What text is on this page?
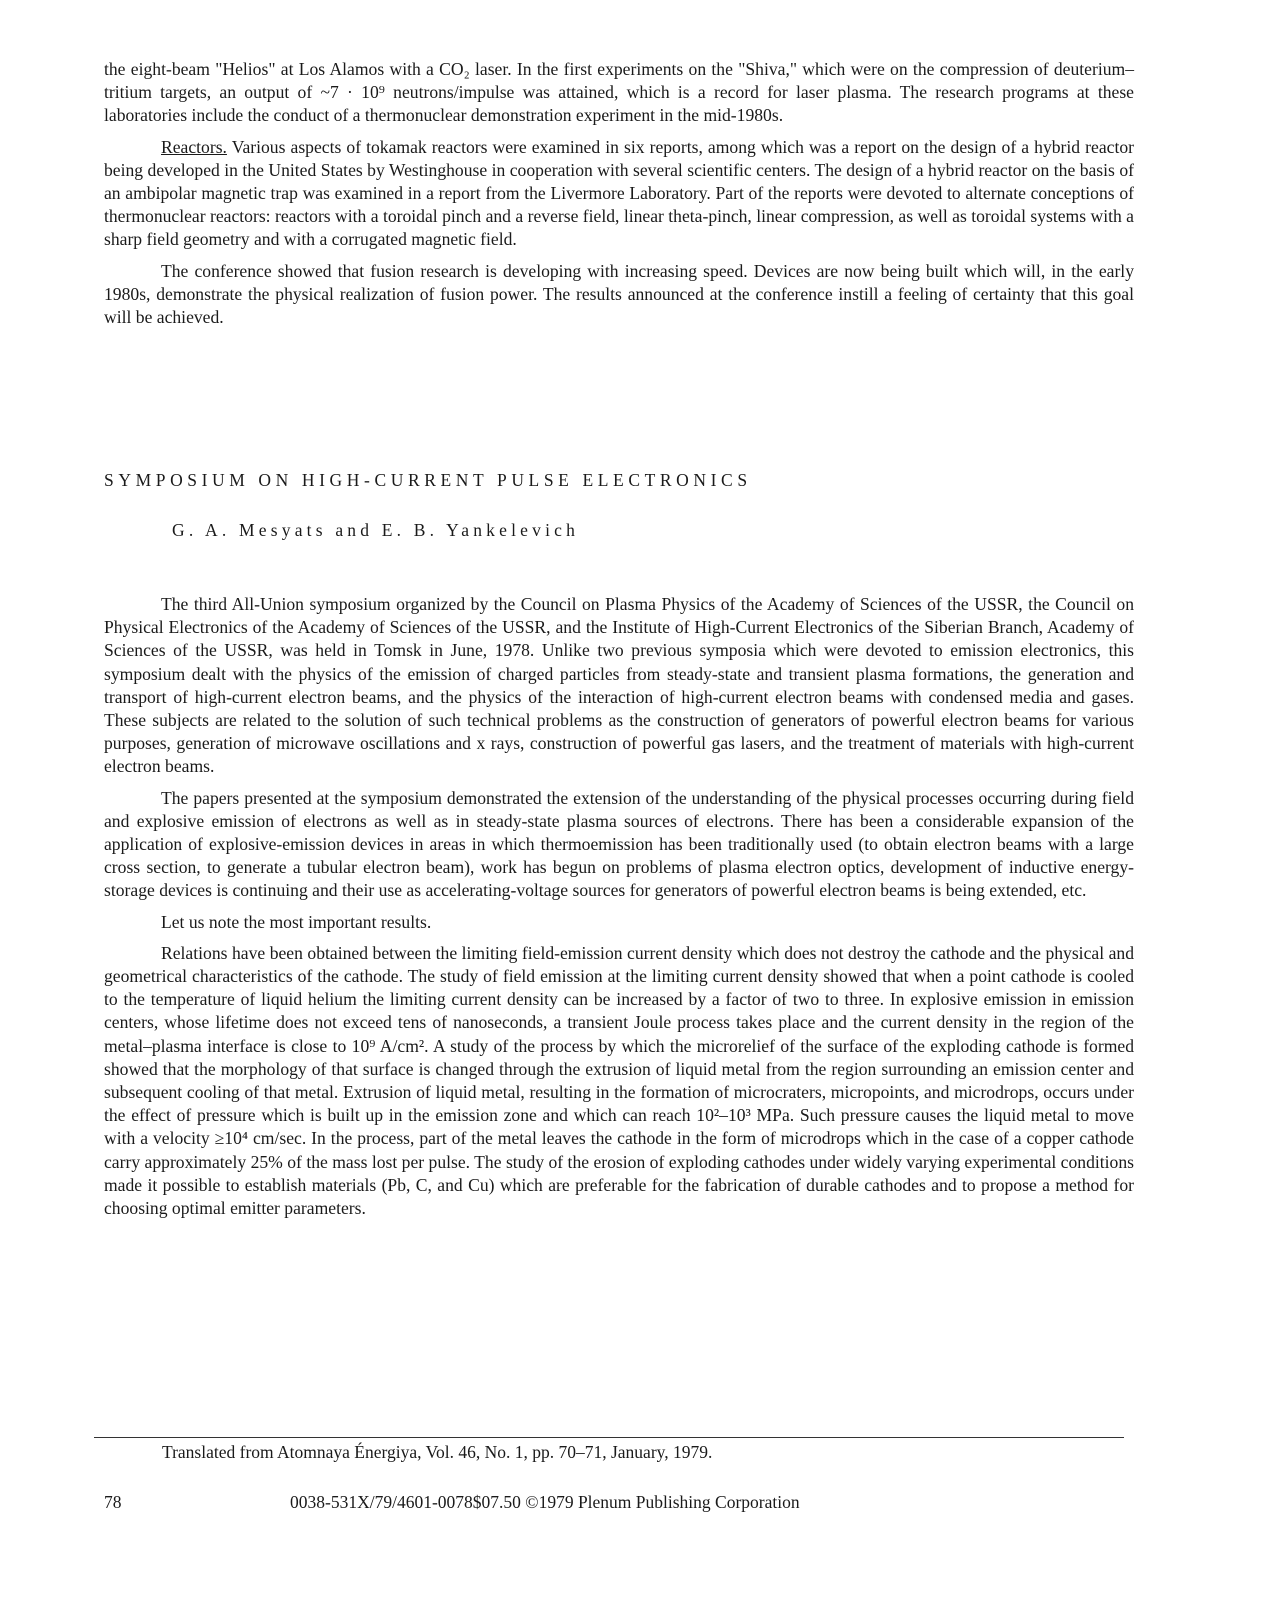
the eight-beam "Helios" at Los Alamos with a CO₂ laser. In the first experiments on the "Shiva," which were on the compression of deuterium–tritium targets, an output of ~7 · 10⁹ neutrons/impulse was attained, which is a record for laser plasma. The research programs at these laboratories include the conduct of a thermonuclear demonstration experiment in the mid-1980s.

Reactors. Various aspects of tokamak reactors were examined in six reports, among which was a report on the design of a hybrid reactor being developed in the United States by Westinghouse in cooperation with several scientific centers. The design of a hybrid reactor on the basis of an ambipolar magnetic trap was examined in a report from the Livermore Laboratory. Part of the reports were devoted to alternate conceptions of thermonuclear reactors: reactors with a toroidal pinch and a reverse field, linear theta-pinch, linear compression, as well as toroidal systems with a sharp field geometry and with a corrugated magnetic field.

The conference showed that fusion research is developing with increasing speed. Devices are now being built which will, in the early 1980s, demonstrate the physical realization of fusion power. The results announced at the conference instill a feeling of certainty that this goal will be achieved.

SYMPOSIUM ON HIGH-CURRENT PULSE ELECTRONICS
G. A. Mesyats and E. B. Yankelevich

The third All-Union symposium organized by the Council on Plasma Physics of the Academy of Sciences of the USSR, the Council on Physical Electronics of the Academy of Sciences of the USSR, and the Institute of High-Current Electronics of the Siberian Branch, Academy of Sciences of the USSR, was held in Tomsk in June, 1978. Unlike two previous symposia which were devoted to emission electronics, this symposium dealt with the physics of the emission of charged particles from steady-state and transient plasma formations, the generation and transport of high-current electron beams, and the physics of the interaction of high-current electron beams with condensed media and gases. These subjects are related to the solution of such technical problems as the construction of generators of powerful electron beams for various purposes, generation of microwave oscillations and x rays, construction of powerful gas lasers, and the treatment of materials with high-current electron beams.

The papers presented at the symposium demonstrated the extension of the understanding of the physical processes occurring during field and explosive emission of electrons as well as in steady-state plasma sources of electrons. There has been a considerable expansion of the application of explosive-emission devices in areas in which thermoemission has been traditionally used (to obtain electron beams with a large cross section, to generate a tubular electron beam), work has begun on problems of plasma electron optics, development of inductive energy-storage devices is continuing and their use as accelerating-voltage sources for generators of powerful electron beams is being extended, etc.

Let us note the most important results.

Relations have been obtained between the limiting field-emission current density which does not destroy the cathode and the physical and geometrical characteristics of the cathode. The study of field emission at the limiting current density showed that when a point cathode is cooled to the temperature of liquid helium the limiting current density can be increased by a factor of two to three. In explosive emission in emission centers, whose lifetime does not exceed tens of nanoseconds, a transient Joule process takes place and the current density in the region of the metal–plasma interface is close to 10⁹ A/cm². A study of the process by which the microrelief of the surface of the exploding cathode is formed showed that the morphology of that surface is changed through the extrusion of liquid metal from the region surrounding an emission center and subsequent cooling of that metal. Extrusion of liquid metal, resulting in the formation of microcraters, micropoints, and microdrops, occurs under the effect of pressure which is built up in the emission zone and which can reach 10²–10³ MPa. Such pressure causes the liquid metal to move with a velocity ≥10⁴ cm/sec. In the process, part of the metal leaves the cathode in the form of microdrops which in the case of a copper cathode carry approximately 25% of the mass lost per pulse. The study of the erosion of exploding cathodes under widely varying experimental conditions made it possible to establish materials (Pb, C, and Cu) which are preferable for the fabrication of durable cathodes and to propose a method for choosing optimal emitter parameters.

Translated from Atomnaya Énergiya, Vol. 46, No. 1, pp. 70–71, January, 1979.
78	0038-531X/79/4601-0078$07.50 ©1979 Plenum Publishing Corporation
